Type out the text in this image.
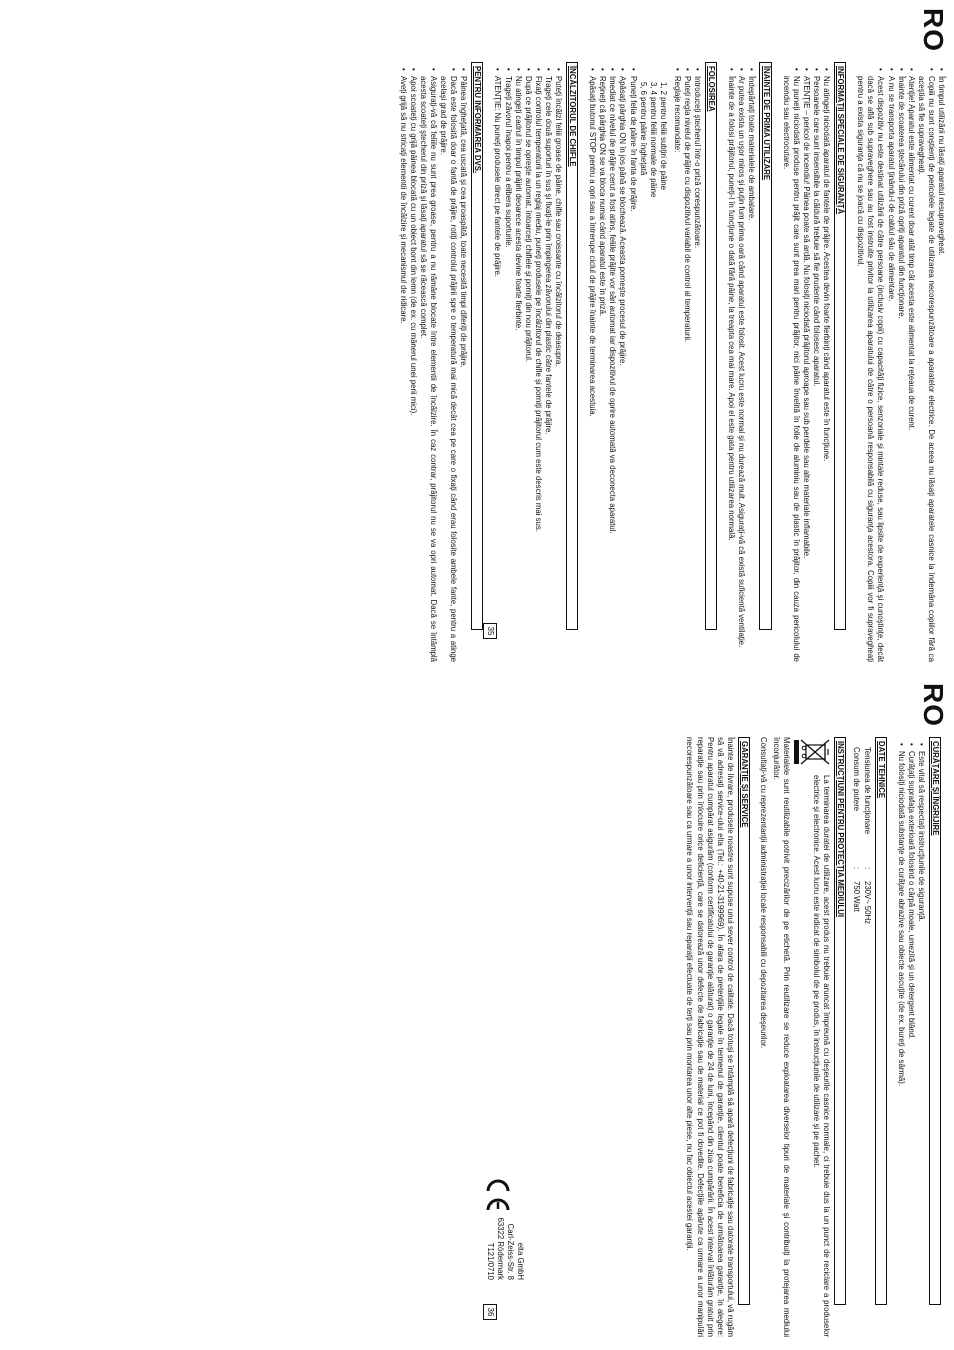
RO
• În timpul utilizării nu lăsaţi aparatul nesupravegheat.
• Copiii nu sunt conştienţi de pericolele legate de utilizarea necorespunzătoare a aparatelor electrice. De aceea nu lăsaţi aparatele casnice la îndemâna copiilor fără ca aceştia să fie supravegheaţi.
• Atenţie! Aparatul este alimentat cu curent doar atât timp cât acesta este alimentat la reţeaua de curent.
• Înainte de scoaterea ştecărului din priză opriţi aparatul din funcţionare.
• A nu se transporta aparatul ţinându-l de cablul său de alimentare.
• Acest dispozitiv nu este destinat utilizării de către persoane (inclusiv copii) cu capacităţi fizice, senzoriale şi mintale reduse, sau lipsite de experienţă şi cunoştinţe, decât dacă se află sub supraveghere sau au fost instruite privitor la utilizarea aparatului de către o persoană responsabilă cu siguranţa acestora. Copiii vor fi supravegheaţi pentru a exista siguranţa că nu se joacă cu dispozitivul.
INFORMAŢII SPECIALE DE SIGURANŢĂ
• Nu atingeţi niciodată aparatul de fantele de prăjire. Acestea devin foarte fierbinţi când aparatul este în funcţiune.
• Persoanele care sunt insensibile la căldură trebuie să fie prudente când folosesc aparatul.
• ATENŢIE – pericol de incendiu! Pâinea poate să ardă. Nu folosiţi niciodată prăjitorul aproape sau sub perdele sau alte materiale inflamabile.
• Nu puneţi niciodată produse pentru prăjit care sunt prea mari pentru prăjitor, nici pâine învelită în folie de aluminiu sau de plastic în prăjitor, din cauza pericolului de incendiu sau electrocutare.
ÎNAINTE DE PRIMA UTILIZARE
• Îndepărtaţi toate materialele de ambalare.
• Ar putea exista un uşor miros şi puţin fum prima oară când aparatul este folosit. Acest lucru este normal şi nu durează mult. Asiguraţi-vă că există suficientă ventilaţie.
• Înainte de a folosi prăjitorul, puneţi-l în funcţiune o dată fără pâine, la treapta cea mai mare. Apoi el este gata pentru utilizarea normală.
FOLOSIREA
• Introduceţi ştecherul într-o priză corespunzătoare.
• Puteţi regla nivelul de prăjire cu dispozitivul variabil de control al temperaturii.
• Reglaje recomandate:
1, 2 pentru feliii subţiri de pâine
3, 4 pentru feliii normale de pâine
5, 6 pentru pâine îngheţată
• Puneţi felia de pâine în fanta de prăjire.
• Apăsaţi pârghia ON în jos până se blochează. Aceasta porneşte procesul de prăjire.
• Imediat ce nivelul de prăjire cerut a fost atins, feliile prăjite vor sări automat iar dispozitivul de oprire automată va deconecta aparatul.
• Reţineţi că pârghia ON se va bloca numai când aparatul este în priză.
• Apăsaţi butonul STOP pentru a opri sau a întrerupe ciclul de prăjire înainte de terminarea acestuia.
ÎNCĂLZITORUL DE CHIFLE
• Puteţi încălzi feliii groase de pâine, chifle sau croissante cu încălzitorul de deasupra.
• Trageţi cele două suporturi în sus şi fixaţi-le prin împingerea zăvorului din plastic către fantele de prăjire.
• Fixaţi controlul temperaturii la un reglaj mediu, puneţi produsele pe încălzitorul de chifle şi porniţi prăjitorul cum este descris mai sus.
• După ce prăjitorul se opreşte automat, întoarceţi chiflele şi porniţi din nou prăjitorul.
• Nu atingeţi cadrul în timpul prăjirii deoarece acesta devine foarte fierbinte.
• Trageţi zăvorul înapoi pentru a elibera suporturile.
• ATENŢIE: Nu puneţi produsele direct pe fantele de prăjire.
PENTRU INFORMAREA DVS.
• Pâinea îngheţată, cea uscată şi cea proaspătă, toate necesită timpi diferiţi de prăjire.
• Dacă este folosită doar o fantă de prăjire, rotiţi controlul prăjirii spre o temperatură mai mică decât cea pe care o fixaţi când erau folosite ambele fante, pentru a atinge acelaşi grad de prăjire.
• Asiguraţi-vă că feliile nu sunt prea groase, pentru a nu rămâne blocate între elementii de încălzire. În caz contrar, prăjitorul nu se va opri automat. Dacă se întâmplă acesta scoateţi ştecherul din priză şi lăsaţi aparatul să se răcească complet.
• Apoi scoateţi cu grijă pâinea blocată cu un obiect bont din lemn (de ex. cu mânerul unei perii mici).
• Aveţi grijă să nu stricaţi elementii de încălzire şi mecanismul de ridicare.
35
RO
CURĂŢARE ŞI ÎNGRIJIRE
• Este vital să respectaţi instrucţiunile de siguranţă.
• Curăţaţi suprafaţa exterioară folosind o cârpă moale, umezită şi un detergent blând.
• Nu folosiţi niciodată substanţe de curăţare abrazive sau obiecte ascuţite (de ex. bureţi de sârmă).
DATE TEHNICE
Tensiunea de funcţionare
:
230V~ 50Hz
Consum de putere
:
750 Watt
INSTRUCŢIUNI PENTRU PROTECŢIA MEDIULUI
La terminarea duratei de utilizare, acest produs nu trebuie aruncat împreună cu deşeurile casnice normale, ci trebuie dus la un punct de reciclare a produselor electrice şi electronice. Acest lucru este indicat de simbolul de pe produs, în instrucţiunile de utilizare şi pe pachet.
Materialele sunt reutilizabile potrivit precizărilor de pe etichetă. Prin reutilizare se reduce exploatarea diverselor tipuri de materiale şi contribuiţi la protejarea mediului înconjurător.
Consultaţi-vă cu reprezentanţii administraţiei locale responsabili cu depozitarea deşeurilor.
GARANŢIE ŞI SERVICE
Înainte de livrare, produsele noastre sunt supuse unui sever control de calitate. Dacă totuşi se întâmplă să apară defecţiuni de fabricaţie sau datorate transportului, vă rugăm să vă adresaţi service-ului elta (Tel.: +40-21-3199969). În afara de pretenţiile legale în termenul de garanţie, clientul poate beneficia de următoarea garanţie, în alegere: Pentru aparatul cumpărat asigurăm (conform certificatului de garanţie alăturat) o garanţie de 24 de luni, începând din ziua cumpărării. În acest interval înlăturăm gratuit prin reparaţie sau prin înlocuire orice deficienţă, care se datorează unor defecte de fabricaţie sau de material ce pot fi dovedite. Defecţiile apărute ca urmare a unor manipulări necorespunzătoare sau ca urmare a unor intervenţii sau reparaţii efectuate de terţi sau prin montarea unor alte piese, nu fac obiectul acestei garanţii.
elta GmbH
Carl-Zeiss-Str. 8
63322 Rödermark
T121/0710
36
